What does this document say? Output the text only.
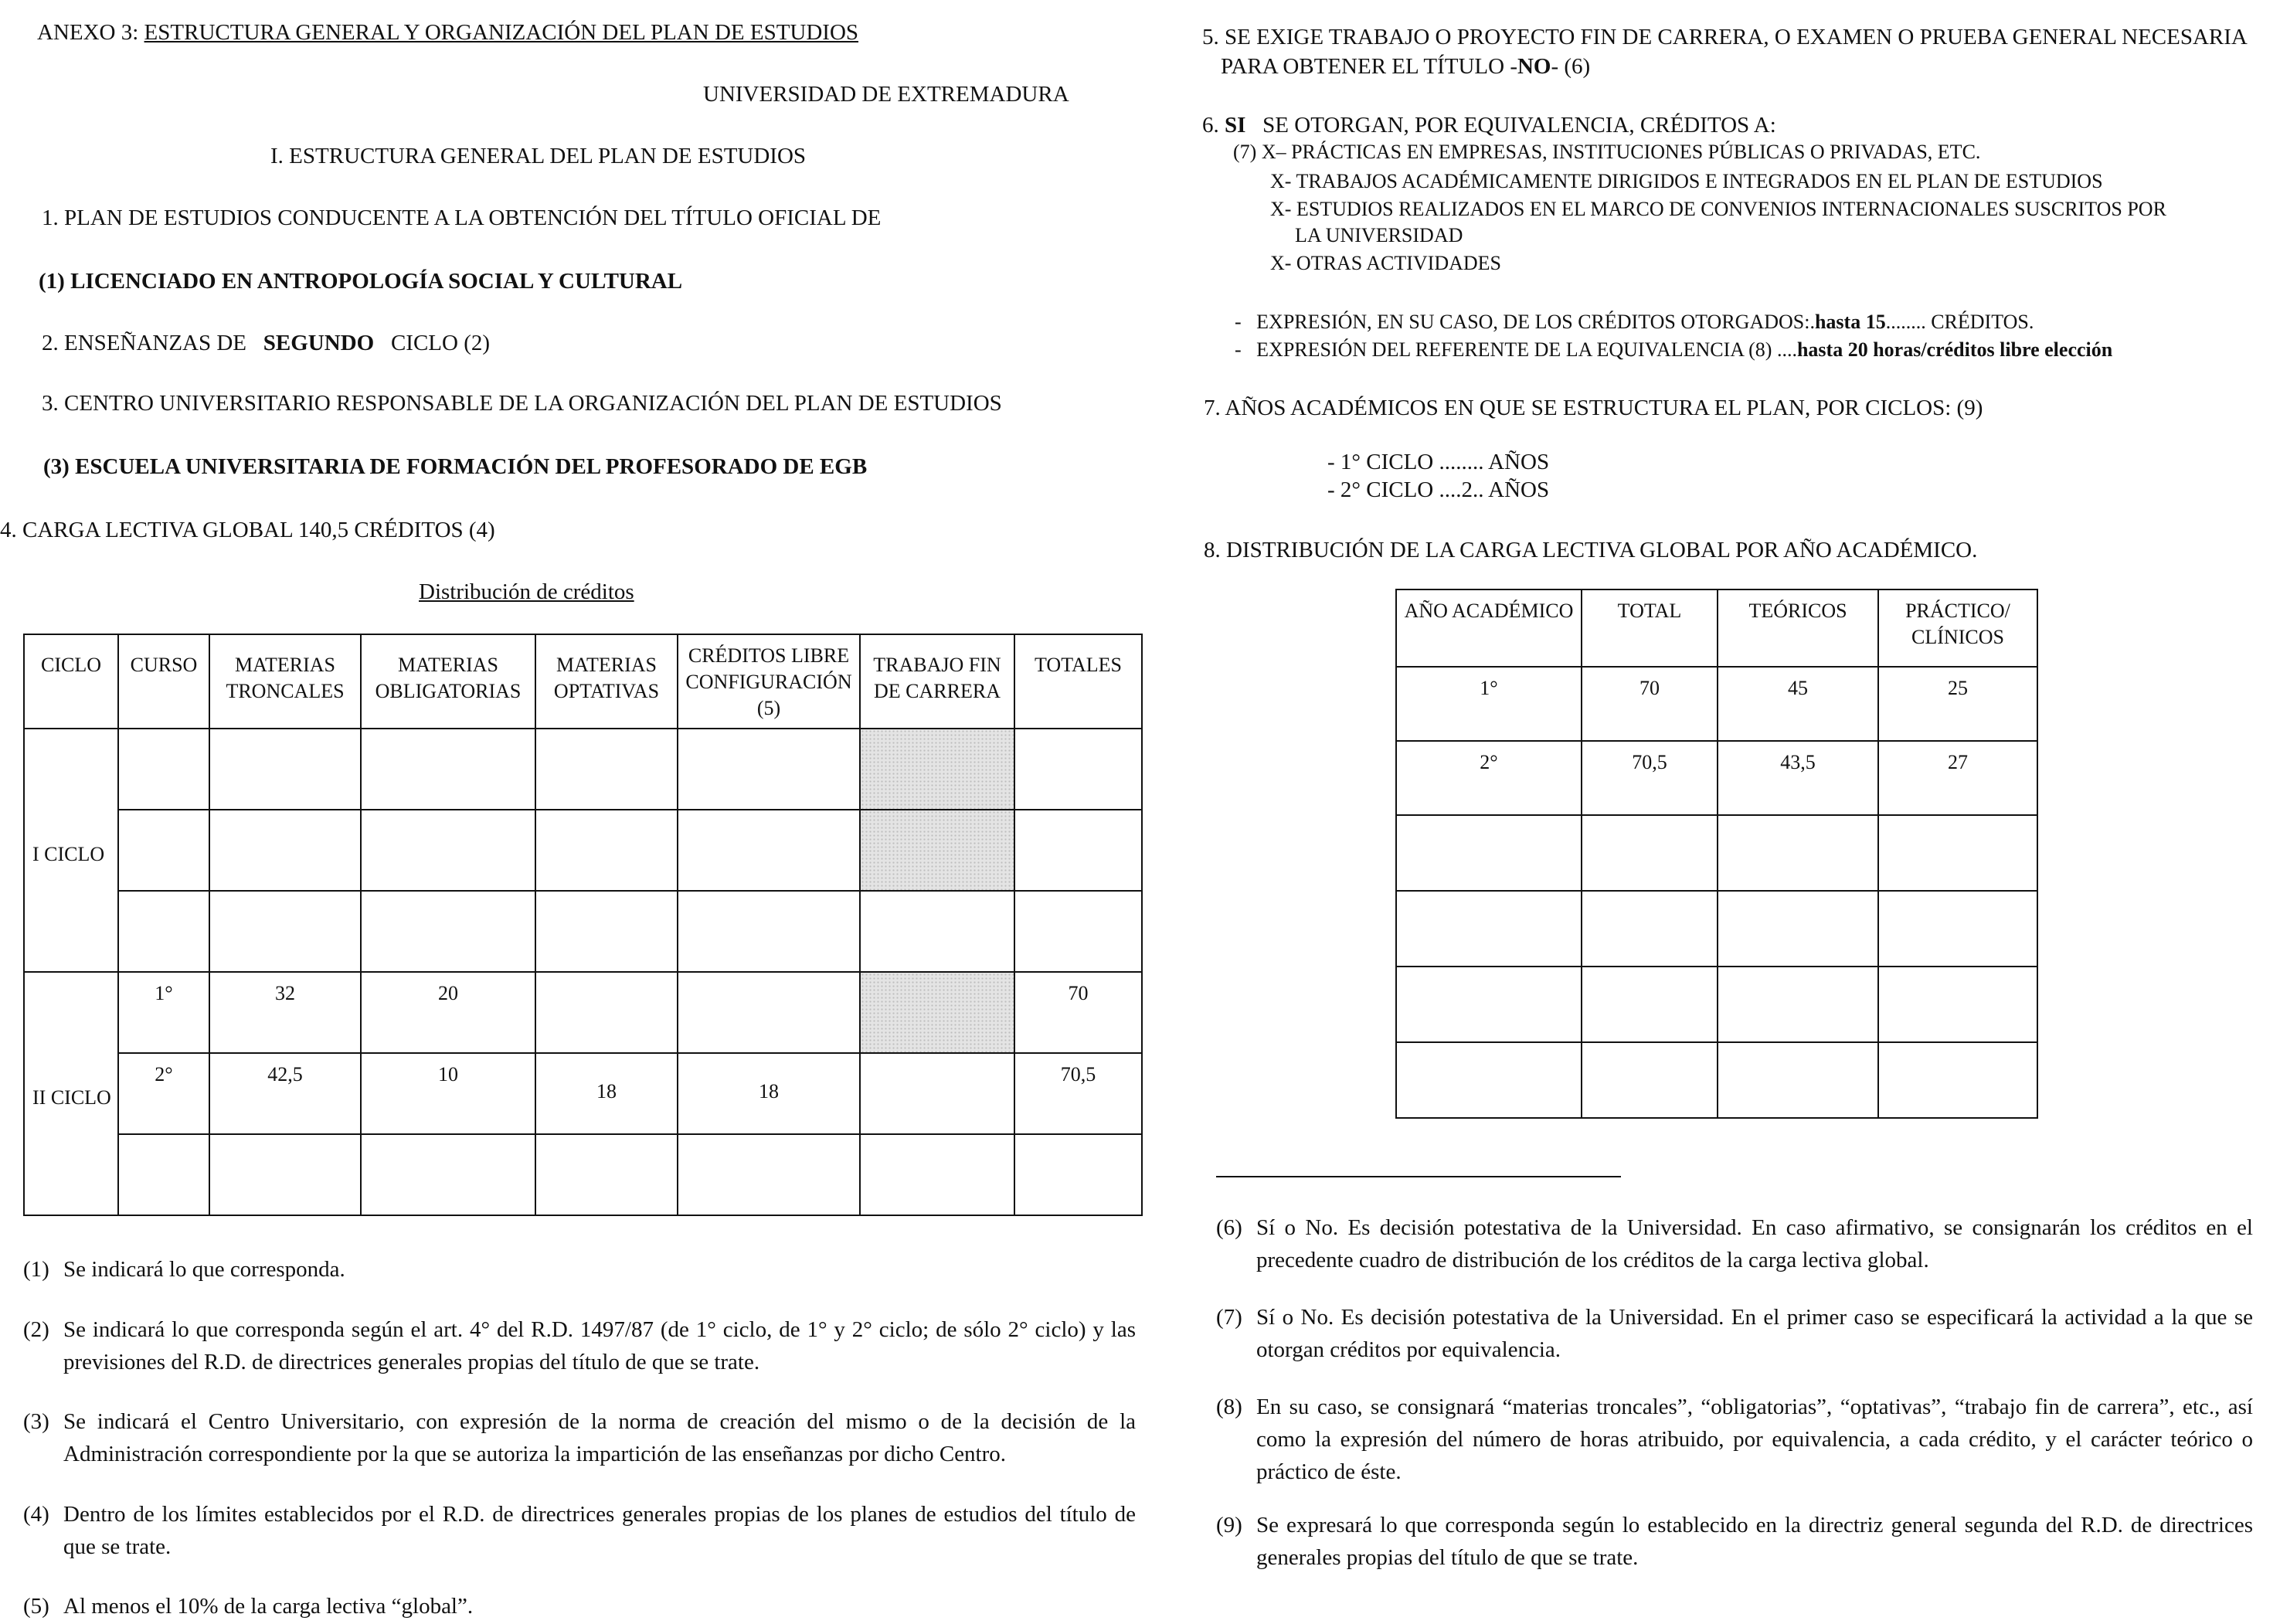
ANEXO 3: ESTRUCTURA GENERAL Y ORGANIZACIÓN DEL PLAN DE ESTUDIOS
UNIVERSIDAD DE EXTREMADURA
I. ESTRUCTURA GENERAL DEL PLAN DE ESTUDIOS
1. PLAN DE ESTUDIOS CONDUCENTE A LA OBTENCIÓN DEL TÍTULO OFICIAL DE
(1) LICENCIADO EN ANTROPOLOGÍA SOCIAL Y CULTURAL
2. ENSEÑANZAS DE SEGUNDO CICLO (2)
3. CENTRO UNIVERSITARIO RESPONSABLE DE LA ORGANIZACIÓN DEL PLAN DE ESTUDIOS
(3) ESCUELA UNIVERSITARIA DE FORMACIÓN DEL PROFESORADO DE EGB
4. CARGA LECTIVA GLOBAL 140,5 CRÉDITOS (4)
Distribución de créditos
CICLO	CURSO	MATERIAS TRONCALES	MATERIAS OBLIGATORIAS	MATERIAS OPTATIVAS	CRÉDITOS LIBRE CONFIGURACIÓN (5)	TRABAJO FIN DE CARRERA	TOTALES
I CICLO							

II CICLO	1°	32	20				70
	2°	42,5	10	18	18		70,5

(1) Se indicará lo que corresponda.
(2) Se indicará lo que corresponda según el art. 4° del R.D. 1497/87 (de 1° ciclo, de 1° y 2° ciclo; de sólo 2° ciclo) y las previsiones del R.D. de directrices generales propias del título de que se trate.
(3) Se indicará el Centro Universitario, con expresión de la norma de creación del mismo o de la decisión de la Administración correspondiente por la que se autoriza la impartición de las enseñanzas por dicho Centro.
(4) Dentro de los límites establecidos por el R.D. de directrices generales propias de los planes de estudios del título de que se trate.
(5) Al menos el 10% de la carga lectiva “global”.
5. SE EXIGE TRABAJO O PROYECTO FIN DE CARRERA, O EXAMEN O PRUEBA GENERAL NECESARIA
PARA OBTENER EL TÍTULO -NO- (6)
6. SI SE OTORGAN, POR EQUIVALENCIA, CRÉDITOS A:
(7) X– PRÁCTICAS EN EMPRESAS, INSTITUCIONES PÚBLICAS O PRIVADAS, ETC.
X- TRABAJOS ACADÉMICAMENTE DIRIGIDOS E INTEGRADOS EN EL PLAN DE ESTUDIOS
X- ESTUDIOS REALIZADOS EN EL MARCO DE CONVENIOS INTERNACIONALES SUSCRITOS POR
LA UNIVERSIDAD
X- OTRAS ACTIVIDADES
-   EXPRESIÓN, EN SU CASO, DE LOS CRÉDITOS OTORGADOS:.hasta 15........ CRÉDITOS.
-   EXPRESIÓN DEL REFERENTE DE LA EQUIVALENCIA (8) ....hasta 20 horas/créditos libre elección
7. AÑOS ACADÉMICOS EN QUE SE ESTRUCTURA EL PLAN, POR CICLOS: (9)
- 1° CICLO ........ AÑOS
- 2° CICLO ....2.. AÑOS
8. DISTRIBUCIÓN DE LA CARGA LECTIVA GLOBAL POR AÑO ACADÉMICO.
AÑO ACADÉMICO	TOTAL	TEÓRICOS	PRÁCTICO/ CLÍNICOS
1°	70	45	25
2°	70,5	43,5	27

(6) Sí o No. Es decisión potestativa de la Universidad. En caso afirmativo, se consignarán los créditos en el precedente cuadro de distribución de los créditos de la carga lectiva global.
(7) Sí o No. Es decisión potestativa de la Universidad. En el primer caso se especificará la actividad a la que se otorgan créditos por equivalencia.
(8) En su caso, se consignará “materias troncales”, “obligatorias”, “optativas”, “trabajo fin de carrera”, etc., así como la expresión del número de horas atribuido, por equivalencia, a cada crédito, y el carácter teórico o práctico de éste.
(9) Se expresará lo que corresponda según lo establecido en la directriz general segunda del R.D. de directrices generales propias del título de que se trate.
